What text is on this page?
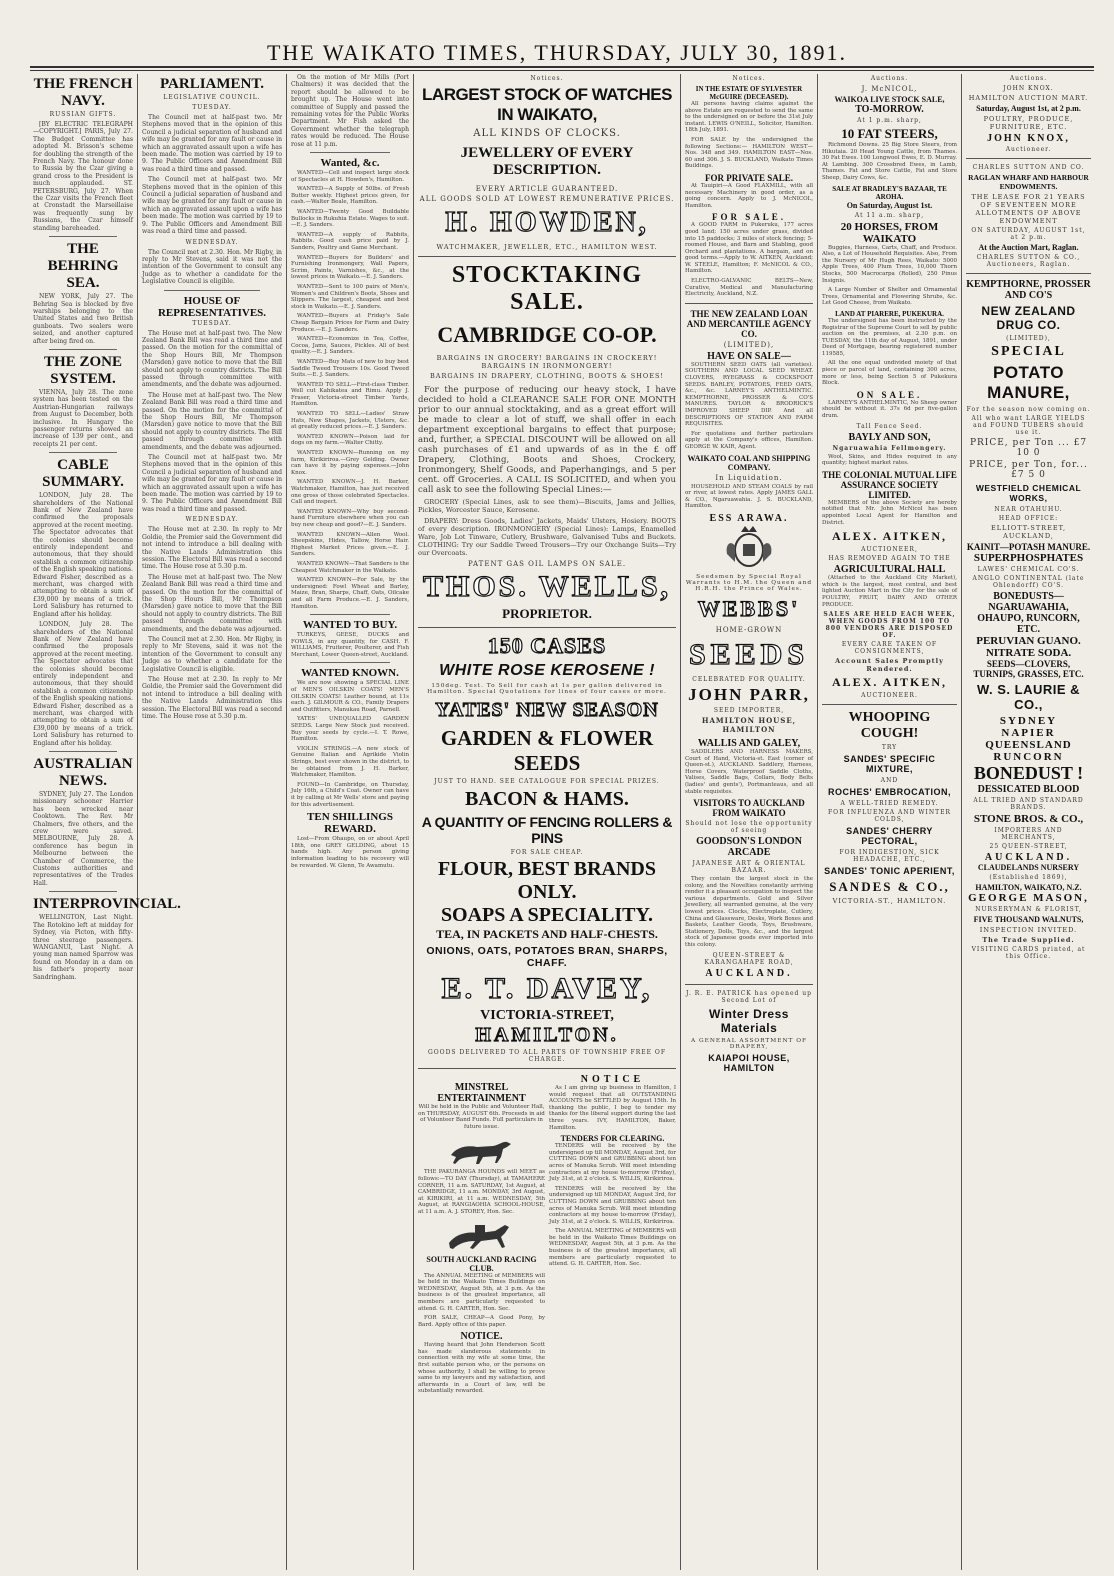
THE WAIKATO TIMES, THURSDAY, JULY 30, 1891.
THE FRENCH NAVY.
RUSSIAN GIFTS.

[BY ELECTRIC TELEGRAPH—COPYRIGHT.] PARIS, July 27. The Budget Committee has adopted M. Brisson's scheme for doubling the strength of the French Navy. The honour done to Russia by the Czar giving a grand cross to the President is much applauded. ST. PETERSBURG, July 27. When the Czar visits the French fleet at Cronstadt the Marseillaise was frequently sung by Russians, the Czar himself standing bareheaded.

THE BEHRING SEA.

NEW YORK, July 27. The Behring Sea is blocked by five warships belonging to the United States and two British gunboats. Two sealers were seized, and another captured after being fired on.

THE ZONE SYSTEM.

VIENNA, July 28. The zone system has been tested on the Austrian-Hungarian railways from August to December, both inclusive. In Hungary the passenger returns showed an increase of 139 per cent., and receipts 21 per cent.

CABLE SUMMARY.

LONDON, July 28. The shareholders of the National Bank of New Zealand have confirmed the proposals approved at the recent meeting. The Spectator advocates that the colonies should become entirely independent and autonomous, that they should establish a common citizenship of the English speaking nations. Edward Fisher, described as a merchant, was charged with attempting to obtain a sum of £39,000 by means of a trick. Lord Salisbury has returned to England after his holiday.

LONDON, July 28. The shareholders of the National Bank of New Zealand have confirmed the proposals approved at the recent meeting. The Spectator advocates that the colonies should become entirely independent and autonomous, that they should establish a common citizenship of the English speaking nations. Edward Fisher, described as a merchant, was charged with attempting to obtain a sum of £39,000 by means of a trick. Lord Salisbury has returned to England after his holiday.

AUSTRALIAN NEWS.

SYDNEY, July 27. The London missionary schooner Harrier has been wrecked near Cooktown. The Rev. Mr Chalmers, five others, and the crew were saved. MELBOURNE, July 28. A conference has begun in Melbourne between the Chamber of Commerce, the Customs authorities and representatives of the Trades Hall.

INTERPROVINCIAL.

WELLINGTON, Last Night. The Rotokino left at midday for Sydney, via Picton, with fifty-three steerage passengers. WANGANUI, Last Night. A young man named Sparrow was found on Monday in a dam on his father's property near Sandringham.

PARLIAMENT.
LEGISLATIVE COUNCIL.
TUESDAY.

The Council met at half-past two. Mr Stephens moved that in the opinion of this Council a judicial separation of husband and wife may be granted for any fault or cause in which an aggravated assault upon a wife has been made. The motion was carried by 19 to 9. The Public Officers and Amendment Bill was read a third time and passed.

The Council met at half-past two. Mr Stephens moved that in the opinion of this Council a judicial separation of husband and wife may be granted for any fault or cause in which an aggravated assault upon a wife has been made. The motion was carried by 19 to 9. The Public Officers and Amendment Bill was read a third time and passed.

WEDNESDAY.

The Council met at 2.30. Hon. Mr Rigby, in reply to Mr Stevens, said it was not the intention of the Government to consult any Judge as to whether a candidate for the Legislative Council is eligible.

HOUSE OF REPRESENTATIVES.
TUESDAY.

The House met at half-past two. The New Zealand Bank Bill was read a third time and passed. On the motion for the committal of the Shop Hours Bill, Mr Thompson (Marsden) gave notice to move that the Bill should not apply to country districts. The Bill passed through committee with amendments, and the debate was adjourned.

The House met at half-past two. The New Zealand Bank Bill was read a third time and passed. On the motion for the committal of the Shop Hours Bill, Mr Thompson (Marsden) gave notice to move that the Bill should not apply to country districts. The Bill passed through committee with amendments, and the debate was adjourned.

The Council met at half-past two. Mr Stephens moved that in the opinion of this Council a judicial separation of husband and wife may be granted for any fault or cause in which an aggravated assault upon a wife has been made. The motion was carried by 19 to 9. The Public Officers and Amendment Bill was read a third time and passed.

WEDNESDAY.

The House met at 2.30. In reply to Mr Goldie, the Premier said the Government did not intend to introduce a bill dealing with the Native Lands Administration this session. The Electoral Bill was read a second time. The House rose at 5.30 p.m.

The House met at half-past two. The New Zealand Bank Bill was read a third time and passed. On the motion for the committal of the Shop Hours Bill, Mr Thompson (Marsden) gave notice to move that the Bill should not apply to country districts. The Bill passed through committee with amendments, and the debate was adjourned.

The Council met at 2.30. Hon. Mr Rigby, in reply to Mr Stevens, said it was not the intention of the Government to consult any Judge as to whether a candidate for the Legislative Council is eligible.

The House met at 2.30. In reply to Mr Goldie, the Premier said the Government did not intend to introduce a bill dealing with the Native Lands Administration this session. The Electoral Bill was read a second time. The House rose at 5.30 p.m.

On the motion of Mr Mills (Port Chalmers) it was decided that the report should be allowed to be brought up. The House went into committee of Supply and passed the remaining votes for the Public Works Department. Mr Fish asked the Government whether the telegraph rates would be reduced. The House rose at 11 p.m.

Wanted, &c.

WANTED—Cell and inspect large stock of Spectacles at H. Howden's, Hamilton.

WANTED—A Supply of 50lbs. of Fresh Butter weekly. Highest prices given, for cash.—Walter Beale, Hamilton.

WANTED—Twenty Good Buildable Bullocks in Rukuhia Estate. Wages to suit.—E. J. Sanders.

WANTED—A supply of Rabbits, Rabbits. Good cash price paid by J. Sanders, Poultry and Game Merchant.

WANTED—Buyers for Builders' and Furnishing Ironmongery, Wall Papers, Scrim, Paints, Varnishes, &c., at the lowest prices in Waikato.—E. J. Sanders.

WANTED—Sent to 100 pairs of Men's, Women's and Children's Boots, Shoes and Slippers. The largest, cheapest and best stock in Waikato.—E. J. Sanders.

WANTED—Buyers at Friday's Sale Cheap Bargain Prices for Farm and Dairy Produce.—E. J. Sanders.

WANTED—Economize in Tea, Coffee, Cocoa, Jams, Sauces, Pickles. All of best quality.—E. J. Sanders.

WANTED—Buy Mats of new to buy best Saddle Tweed Trousers 10s. Good Tweed Suits.—E. J. Sanders.

WANTED TO SELL—First-class Timber. Well cut Kahikatea and Rimu. Apply J. Fraser, Victoria-street Timber Yards, Hamilton.

WANTED TO SELL—Ladies' Straw Hats, New Shapes, Jackets, Ulsters, &c. at greatly reduced prices.—E. J. Sanders.

WANTED KNOWN—Poison laid for dogs on my farm.—Walter Chitty.

WANTED KNOWN—Running on my farm, Kirikiriroa.—Grey Gelding. Owner can have it by paying expenses.—John Knox.

WANTED KNOWN—J. H. Barker, Watchmaker, Hamilton, has just received one gross of those celebrated Spectacles. Call and inspect.

WANTED KNOWN—Why buy second-hand Furniture elsewhere when you can buy new cheap and good?—E. J. Sanders.

WANTED KNOWN—Allen Wool. Sheepskins, Hides, Tallow, Horse Hair. Highest Market Prices given.—E. J. Sanders.

WANTED KNOWN—That Sanders is the Cheapest Watchmaker in the Waikato.

WANTED KNOWN—For Sale, by the undersigned: Fowl Wheat and Barley, Maize, Bran, Sharps, Chaff, Oats, Oilcake and all Farm Produce.—E. J. Sanders, Hamilton.

WANTED TO BUY.

TURKEYS, GEESE, DUCKS and FOWLS, in any quantity, for CASH. F. WILLIAMS, Fruiterer, Poulterer, and Fish Merchant, Lower Queen-street, Auckland.

WANTED KNOWN.

We are now showing a SPECIAL LINE of MEN'S OILSKIN COATS! MEN'S OILSKIN COATS! Leather bound, at 11s each. J. GILMOUR & CO., Family Drapers and Outfitters, Manukau Road, Parnell.

YATES' UNEQUALLED GARDEN SEEDS. Large New Stock just received. Buy your seeds by cycle.—I. T. Rowe, Hamilton.

VIOLIN STRINGS.—A new stock of Genuine Italian and Agrikide Violin Strings, best ever shown in the district, to be obtained from J. H. Barker, Watchmaker, Hamilton.

FOUND—In Cambridge, on Thursday, July 16th, a Child's Coat. Owner can have it by calling at Mr Wells' store and paying for this advertisement.

TEN SHILLINGS REWARD.

Lost—From Ohaupo, on or about April 18th, one GREY GELDING, about 15 hands high. Any person giving information leading to his recovery will be rewarded. W. Glenn, Te Awamutu.

Notices.
LARGEST STOCK OF WATCHES IN WAIKATO,
ALL KINDS OF CLOCKS.
JEWELLERY OF EVERY DESCRIPTION.
EVERY ARTICLE GUARANTEED.
ALL GOODS SOLD AT LOWEST REMUNERATIVE PRICES.
H. HOWDEN,
WATCHMAKER, JEWELLER, ETC., HAMILTON WEST.
STOCKTAKING SALE.
CAMBRIDGE CO-OP.
BARGAINS IN GROCERY! BARGAINS IN CROCKERY! BARGAINS IN IRONMONGERY!
BARGAINS IN DRAPERY, CLOTHING, BOOTS & SHOES!

For the purpose of reducing our heavy stock, I have decided to hold a CLEARANCE SALE FOR ONE MONTH prior to our annual stocktaking, and as a great effort will be made to clear a lot of stuff, we shall offer in each department exceptional bargains to effect that purpose; and, further, a SPECIAL DISCOUNT will be allowed on all cash purchases of £1 and upwards of as in the £ off Drapery, Clothing, Boots and Shoes, Crockery, Ironmongery, Shelf Goods, and Paperhangings, and 5 per cent. off Groceries. A CALL IS SOLICITED, and when you call ask to see the following Special Lines:—

GROCERY (Special Lines, ask to see them)—Biscuits, Jams and Jellies, Pickles, Worcester Sauce, Kerosene.

DRAPERY: Dress Goods, Ladies' Jackets, Maids' Ulsters, Hosiery. BOOTS of every description. IRONMONGERY (Special Lines): Lamps, Enamelled Ware, Job Lot Tinware, Cutlery, Brushware, Galvanised Tubs and Buckets. CLOTHING: Try our Saddle Tweed Trousers—Try our Oxchange Suits—Try our Overcoats.

PATENT GAS OIL LAMPS ON SALE.
THOS. WELLS,
PROPRIETOR.
150 CASES
WHITE ROSE KEROSENE !
150deg. Test. To Sell for cash at 1s per gallon delivered in Hamilton. Special Quotations for lines of four cases or more.
YATES' NEW SEASON
GARDEN & FLOWER SEEDS
JUST TO HAND. SEE CATALOGUE FOR SPECIAL PRIZES.
BACON & HAMS.
A QUANTITY OF FENCING ROLLERS & PINS
FOR SALE CHEAP.
FLOUR, BEST BRANDS ONLY.
SOAPS A SPECIALITY.
TEA, IN PACKETS AND HALF-CHESTS.
ONIONS, OATS, POTATOES BRAN, SHARPS, CHAFF.
E. T. DAVEY,
VICTORIA-STREET,
HAMILTON.
GOODS DELIVERED TO ALL PARTS OF TOWNSHIP FREE OF CHARGE.
MINSTREL ENTERTAINMENT

Will be held in the Public and Volunteer Hall, on THURSDAY, AUGUST 6th. Proceeds in aid of Volunteer Band Funds. Full particulars in future issue.

THE PAKURANGA HOUNDS will MEET as follows:—TO DAY (Thursday), at TAMAHERE CORNER, 11 a.m. SATURDAY, 1st August, at CAMBRIDGE, 11 a.m. MONDAY, 3rd August, at KIRIKIRI, at 11 a.m. WEDNESDAY, 5th August, at RANGIAOHIA SCHOOL-HOUSE, at 11 a.m. A. J. STOREY, Hon. Sec.

SOUTH AUCKLAND RACING CLUB.

The ANNUAL MEETING of MEMBERS will be held in the Waikato Times Buildings on WEDNESDAY, August 5th, at 3 p.m. As the business is of the greatest importance, all members are particularly requested to attend. G. H. CARTER, Hon. Sec.

FOR SALE, CHEAP—A Good Pony, by Bard. Apply office of this paper.

NOTICE.

Having heard that John Henderson Scott has made slanderous statements in connection with my wife at some time, the first suitable person who, or the persons on whose authority, I shall be willing to prove same to my lawyers and my satisfaction, and afterwards in a Court of law, will be substantially rewarded.

NOTICE

As I am giving up business in Hamilton, I would request that all OUTSTANDING ACCOUNTS be SETTLED by August 15th. In thanking the public, I beg to tender my thanks for the liberal support during the last three years. IVY, HAMILTON, Baker, Hamilton.

TENDERS FOR CLEARING.

TENDERS will be received by the undersigned up till MONDAY, August 3rd, for CUTTING DOWN and GRUBBING about ten acres of Manuka Scrub. Will meet intending contractors at my house to-morrow (Friday), July 31st, at 2 o'clock. S. WILLIS, Kirikiriroa.

TENDERS will be received by the undersigned up till MONDAY, August 3rd, for CUTTING DOWN and GRUBBING about ten acres of Manuka Scrub. Will meet intending contractors at my house to-morrow (Friday), July 31st, at 2 o'clock. S. WILLIS, Kirikiriroa.

The ANNUAL MEETING of MEMBERS will be held in the Waikato Times Buildings on WEDNESDAY, August 5th, at 3 p.m. As the business is of the greatest importance, all members are particularly requested to attend. G. H. CARTER, Hon. Sec.

Notices.
IN THE ESTATE OF SYLVESTER McGUIRE (DECEASED).

All persons having claims against the above Estate are requested to send the same to the undersigned on or before the 31st July instant. LEWIS O'NEILL, Solicitor, Hamilton. 18th July, 1891.

FOR SALE by the undersigned the following Sections:— HAMILTON WEST—Nos. 348 and 349. HAMILTON EAST—Nos. 60 and 306. J. S. BUCKLAND, Waikato Times Buildings.

FOR PRIVATE SALE.

At Tauipiri—A Good FLAXMILL, with all necessary Machinery in good order, as a going concern. Apply to J. McNICOL, Hamilton.

FOR SALE.

A GOOD FARM in Pukeruku, 177 acres good land; 150 acres under grass, divided into 15 paddocks; 3 miles of stock fencing; 5-roomed House, and Barn and Stabling, good Orchard and plantations. A bargain, and on good terms.—Apply to W. AITKEN, Auckland; W. STEELE, Hamilton; F. McNICOL & CO., Hamilton.

ELECTRO-GALVANIC BELTS—New, Curative, Medical and Manufacturing Electricity, Auckland, N.Z.

THE NEW ZEALAND LOAN AND MERCANTILE AGENCY CO.
(LIMITED),
HAVE ON SALE—

SOUTHERN SEED OATS (all varieties). SOUTHERN AND LOCAL SEED WHEAT. CLOVERS, RYEGRASS & COCKSFOOT SEEDS. BARLEY, POTATOES, FEED OATS, &c., &c. LARNEY'S ANTHELMINTIC. KEMPTHORNE, PROSSER & CO'S MANURES. TAYLOR & BRODRICK'S IMPROVED SHEEP DIP. And all DESCRIPTIONS OF STATION AND FARM REQUISITES.

For quotations and further particulars apply at the Company's offices, Hamilton. GEORGE W. KAIR, Agent.

WAIKATO COAL AND SHIPPING COMPANY.
In Liquidation.

HOUSEHOLD AND STEAM COALS by rail or river, at lowest rates. Apply JAMES GALL & CO., Ngaruawahia. J. S. BUCKLAND, Hamilton.

ESS ARAWA.
Seedsmen by Special Royal Warrants to H.M. the Queen and H.R.H. the Prince of Wales.
WEBBS'
HOME-GROWN
SEEDS
CELEBRATED FOR QUALITY.
JOHN PARR,
SEED IMPORTER,
HAMILTON HOUSE, HAMILTON
WALLIS AND GALEY,

SADDLERS AND HARNESS MAKERS, Court of Hand, Victoria-st. East (corner of Queen-st.), AUCKLAND. Saddlery, Harness, Horse Covers, Waterproof Saddle Cloths, Valises, Saddle Bags, Collars, Body Belts (ladies' and gents'), Portmanteaus, and all stable requisites.

VISITORS TO AUCKLAND FROM WAIKATO
Should not lose the opportunity of seeing
GOODSON'S LONDON ARCADE
JAPANESE ART & ORIENTAL BAZAAR.

They contain the largest stock in the colony, and the Novelties constantly arriving render it a pleasant occupation to inspect the various departments. Gold and Silver Jewellery, all warranted genuine, at the very lowest prices. Clocks, Electroplate, Cutlery, China and Glassware, Desks, Work Boxes and Baskets, Leather Goods, Toys, Brushware, Stationery, Dolls, Toys, &c., and the largest stock of Japanese goods ever imported into this colony.

QUEEN-STREET & KARANGAHAPE ROAD,
AUCKLAND.
J. R. E. PATRICK has opened up Second Lot of
Winter Dress Materials
A GENERAL ASSORTMENT OF DRAPERY,
KAIAPOI HOUSE, HAMILTON
Auctions.
J. McNICOL,
WAIKOA LIVE STOCK SALE,
TO-MORROW.
At 1 p.m. sharp,
10 FAT STEERS,

Richmond Downs. 25 Big Store Steers, from Hikutaia. 20 Head Young Cattle, from Thames. 30 Fat Ewes. 100 Longwool Ewes, E. D. Murray. At Lambing. 300 Crossbred Ewes, in Lamb, Thames. Fat and Store Cattle, Fat and Store Sheep, Dairy Cows, &c.

SALE AT BRADLEY'S BAZAAR, TE AROHA.
On Saturday, August 1st.
At 11 a.m. sharp,
20 HORSES, FROM WAIKATO

Buggies, Harness, Carts, Chaff, and Produce. Also, a Lot of Household Requisites. Also, From the Nursery of Mr Hugh Rees, Waikato: 5000 Apple Trees, 400 Plum Trees, 10,000 Thorn Stocks, 500 Macrocarpa (Rolled), 250 Pinus Insignis.

A Large Number of Shelter and Ornamental Trees, Ornamental and Flowering Shrubs, &c. Let Good Cheese, from Waikato.

LAND AT PIARERE, PUKEKURA.

The undersigned has been instructed by the Registrar of the Supreme Court to sell by public auction on the premises, at 2.30 p.m. on TUESDAY, the 11th day of August, 1891, under Deed of Mortgage, bearing registered number 119585,

All the one equal undivided moiety of that piece or parcel of land, containing 300 acres, more or less, being Section 5 of Pukekura Block.

ON SALE.

LARNEY'S ANTHELMINTIC, No Sheep owner should be without it. 37s 6d per five-gallon drum.

Tall Fence Seed.
BAYLY AND SON,
Ngaruawahia Fellmongery.

Wool, Skins, and Hides required in any quantity; highest market rates.

THE COLONIAL MUTUAL LIFE ASSURANCE SOCIETY LIMITED.

MEMBERS of the above Society are hereby notified that Mr. John McNicol has been appointed Local Agent for Hamilton and District.

ALEX. AITKEN,
AUCTIONEER,
HAS REMOVED AGAIN TO THE
AGRICULTURAL HALL

(Attached to the Auckland City Market), which is the largest, most central, and best lighted Auction Mart in the City for the sale of POULTRY, FRUIT, DAIRY AND OTHER PRODUCE.

SALES ARE HELD EACH WEEK, WHEN GOODS FROM 100 TO 800 VENDORS ARE DISPOSED OF.
EVERY CARE TAKEN OF CONSIGNMENTS,
Account Sales Promptly Rendered.
ALEX. AITKEN,
AUCTIONEER.
WHOOPING COUGH!
TRY
SANDES' SPECIFIC MIXTURE,
AND
ROCHES' EMBROCATION,
A WELL-TRIED REMEDY.
FOR INFLUENZA AND WINTER COLDS,
SANDES' CHERRY PECTORAL,
FOR INDIGESTION, SICK HEADACHE, ETC.,
SANDES' TONIC APERIENT,
SANDES & CO.,
VICTORIA-ST., HAMILTON.
Auctions.
JOHN KNOX.
HAMILTON AUCTION MART.
Saturday, August 1st, at 2 p.m.
POULTRY, PRODUCE, FURNITURE, ETC.
JOHN KNOX,
Auctioneer.
CHARLES SUTTON AND CO.
RAGLAN WHARF AND HARBOUR ENDOWMENTS.
THE LEASE FOR 21 YEARS OF SEVENTEEN MORE ALLOTMENTS OF ABOVE ENDOWMENT
ON SATURDAY, AUGUST 1st, at 2 p.m.
At the Auction Mart, Raglan.
CHARLES SUTTON & CO., Auctioneers, Raglan.
KEMPTHORNE, PROSSER AND CO'S
NEW ZEALAND DRUG CO.
(LIMITED),
SPECIAL
POTATO MANURE,
For the season now coming on.
All who want LARGE YIELDS and FOUND TUBERS should use it.
PRICE, per Ton ... £7 10 0
PRICE, per Ton, for... £7 5 0
WESTFIELD CHEMICAL WORKS,
NEAR OTAHUHU.
HEAD OFFICE:
ELLIOTT-STREET, AUCKLAND,
KAINIT—POTASH MANURE.
SUPERPHOSPHATES
LAWES' CHEMICAL CO'S.
ANGLO CONTINENTAL (late Ohlendorff) CO'S.
BONEDUSTS—NGARUAWAHIA, OHAUPO, RUNCORN, ETC.
PERUVIAN GUANO.
NITRATE SODA.
SEEDS—CLOVERS, TURNIPS, GRASSES, ETC.
W. S. LAURIE & CO.,
SYDNEY
NAPIER
QUEENSLAND
RUNCORN
BONEDUST !
DESSICATED BLOOD
ALL TRIED AND STANDARD BRANDS.
STONE BROS. & CO.,
IMPORTERS AND MERCHANTS,
25 QUEEN-STREET,
AUCKLAND.
CLAUDELANDS NURSERY
(Established 1869),
HAMILTON, WAIKATO, N.Z.
GEORGE MASON,
NURSERYMAN & FLORIST,
FIVE THOUSAND WALNUTS,
INSPECTION INVITED.
The Trade Supplied.
VISITING CARDS printed, at this Office.
